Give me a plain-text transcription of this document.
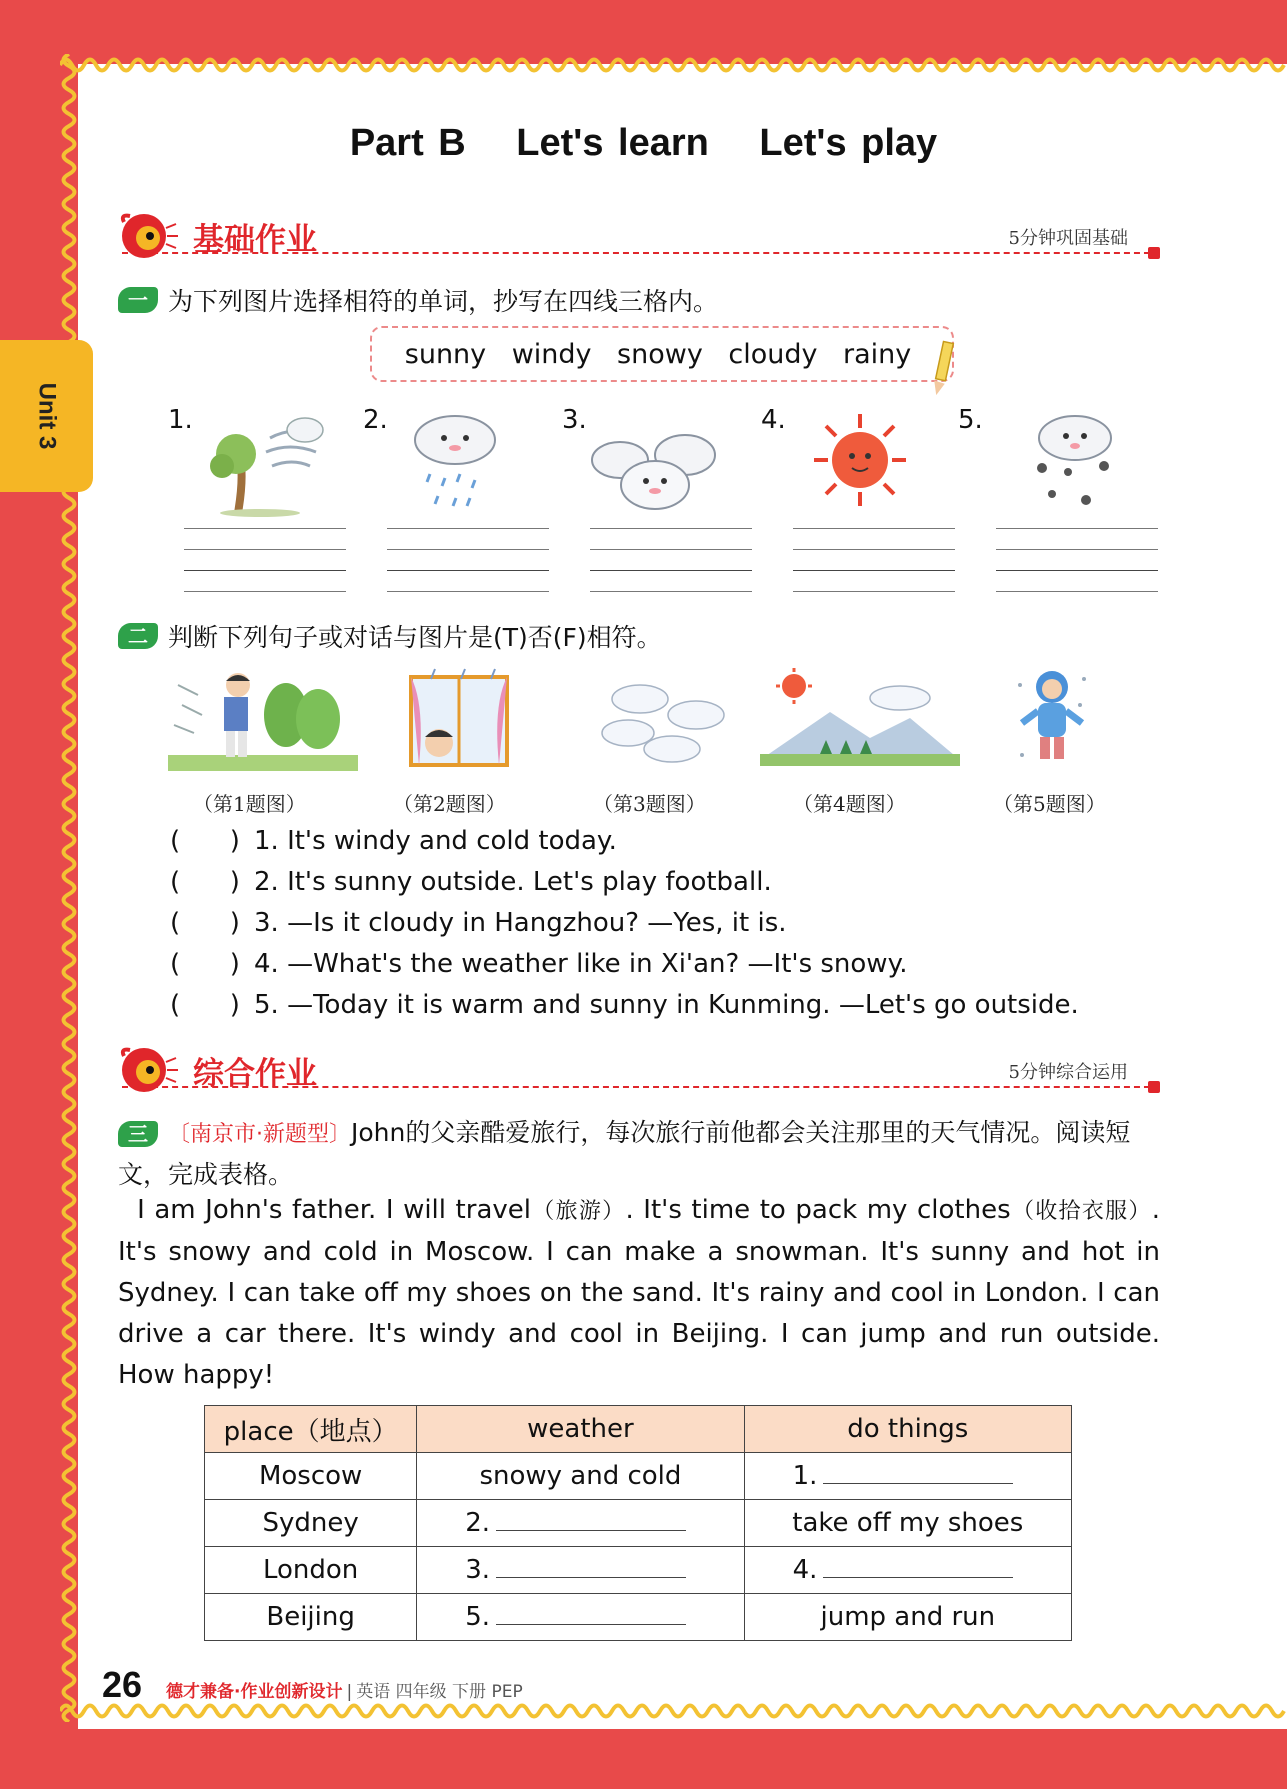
Unit 3
Part B Let's learn Let's play
基础作业	5分钟巩固基础
一 为下列图片选择相符的单词，抄写在四线三格内。
sunny windy snowy cloudy rainy
1.	2.	3.	4.	5.
二 判断下列句子或对话与图片是(T)否(F)相符。
（第1题图）	（第2题图）	（第3题图）	（第4题图）	（第5题图）
(      ) 1. It's windy and cold today.
(      ) 2. It's sunny outside. Let's play football.
(      ) 3. —Is it cloudy in Hangzhou? —Yes, it is.
(      ) 4. —What's the weather like in Xi'an? —It's snowy.
(      ) 5. —Today it is warm and sunny in Kunming. —Let's go outside.
综合作业	5分钟综合运用
三 〔南京市·新题型〕John的父亲酷爱旅行，每次旅行前他都会关注那里的天气情况。阅读短文，完成表格。
I am John's father. I will travel（旅游）. It's time to pack my clothes（收拾衣服）. It's snowy and cold in Moscow. I can make a snowman. It's sunny and hot in Sydney. I can take off my shoes on the sand. It's rainy and cool in London. I can drive a car there. It's windy and cool in Beijing. I can jump and run outside. How happy!
place（地点）	weather	do things
Moscow	snowy and cold	1.
Sydney	2.	take off my shoes
London	3.	4.
Beijing	5.	jump and run
26 德才兼备·作业创新设计 | 英语 四年级 下册 PEP
